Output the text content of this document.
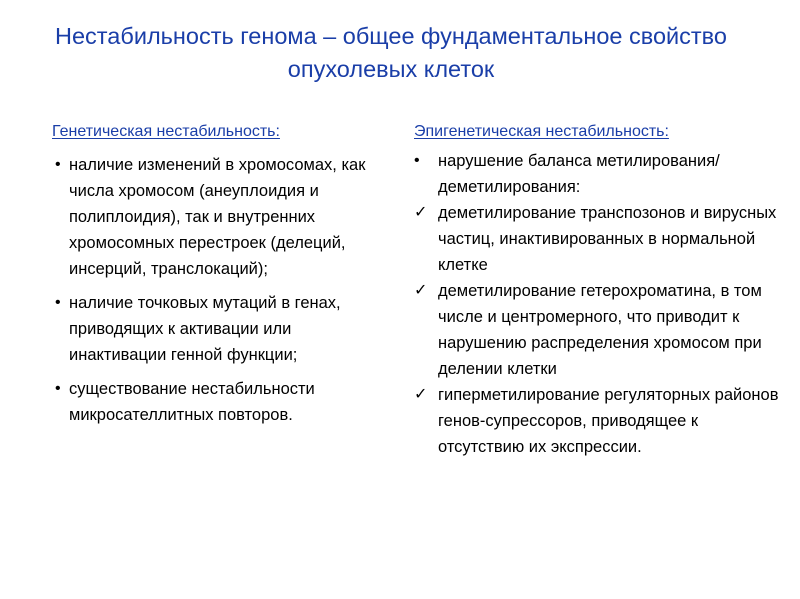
Нестабильность генома – общее фундаментальное свойство опухолевых клеток
Генетическая нестабильность:
• наличие изменений в хромосомах, как числа хромосом (анеуплоидия и полиплоидия), так и внутренних хромосомных перестроек (делеций, инсерций, транслокаций);
• наличие точковых мутаций в генах, приводящих к активации или инактивации генной функции;
• существование нестабильности микросателлитных повторов.
Эпигенетическая нестабильность:
• нарушение баланса метилирования/деметилирования:
✓ деметилирование транспозонов и вирусных частиц, инактивированных в нормальной клетке
✓ деметилирование гетерохроматина, в том числе и центромерного, что приводит к нарушению распределения хромосом при делении клетки
✓ гиперметилирование регуляторных районов генов-супрессоров, приводящее к отсутствию их экспрессии.
